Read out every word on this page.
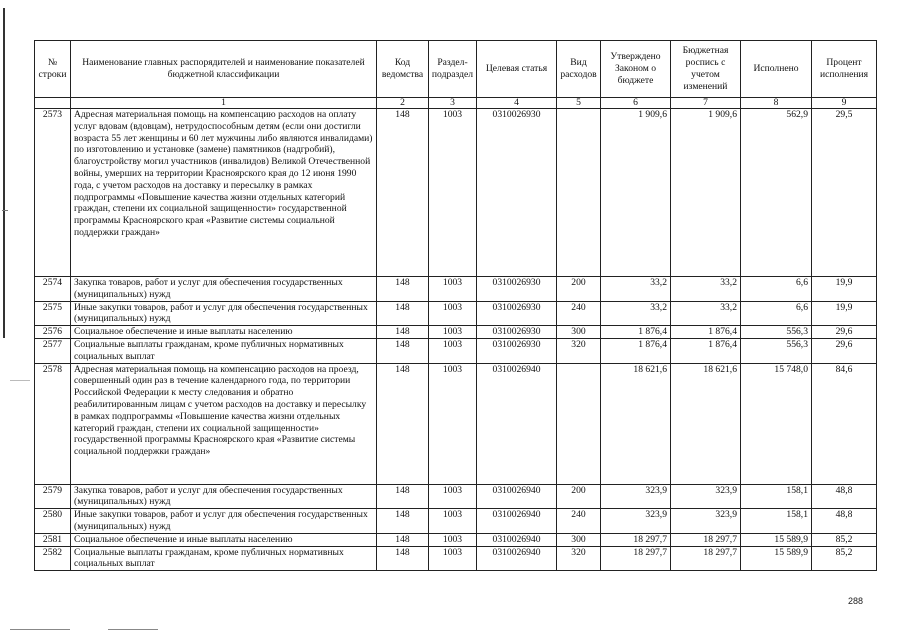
№ строки	Наименование главных распорядителей и наименование показателей бюджетной классификации	Код ведомства	Раздел-подраздел	Целевая статья	Вид расходов	Утверждено Законом о бюджете	Бюджетная роспись с учетом изменений	Исполнено	Процент исполнения
	1	2	3	4	5	6	7	8	9
2573	Адресная материальная помощь на компенсацию расходов на оплату услуг вдовам (вдовцам), нетрудоспособным детям (если они достигли возраста 55 лет женщины и 60 лет мужчины либо являются инвалидами) по изготовлению и установке (замене) памятников (надгробий), благоустройству могил участников (инвалидов) Великой Отечественной войны, умерших на территории Красноярского края до 12 июня 1990 года, с учетом расходов на доставку и пересылку в рамках подпрограммы «Повышение качества жизни отдельных категорий граждан, степени их социальной защищенности» государственной программы Красноярского края «Развитие системы социальной поддержки граждан»	148	1003	0310026930		1 909,6	1 909,6	562,9	29,5
2574	Закупка товаров, работ и услуг для обеспечения государственных (муниципальных) нужд	148	1003	0310026930	200	33,2	33,2	6,6	19,9
2575	Иные закупки товаров, работ и услуг для обеспечения государственных (муниципальных) нужд	148	1003	0310026930	240	33,2	33,2	6,6	19,9
2576	Социальное обеспечение и иные выплаты населению	148	1003	0310026930	300	1 876,4	1 876,4	556,3	29,6
2577	Социальные выплаты гражданам, кроме публичных нормативных социальных выплат	148	1003	0310026930	320	1 876,4	1 876,4	556,3	29,6
2578	Адресная материальная помощь на компенсацию расходов на проезд, совершенный один раз в течение календарного года, по территории Российской Федерации к месту следования и обратно реабилитированным лицам с учетом расходов на доставку и пересылку в рамках подпрограммы «Повышение качества жизни отдельных категорий граждан, степени их социальной защищенности» государственной программы Красноярского края «Развитие системы социальной поддержки граждан»	148	1003	0310026940		18 621,6	18 621,6	15 748,0	84,6
2579	Закупка товаров, работ и услуг для обеспечения государственных (муниципальных) нужд	148	1003	0310026940	200	323,9	323,9	158,1	48,8
2580	Иные закупки товаров, работ и услуг для обеспечения государственных (муниципальных) нужд	148	1003	0310026940	240	323,9	323,9	158,1	48,8
2581	Социальное обеспечение и иные выплаты населению	148	1003	0310026940	300	18 297,7	18 297,7	15 589,9	85,2
2582	Социальные выплаты гражданам, кроме публичных нормативных социальных выплат	148	1003	0310026940	320	18 297,7	18 297,7	15 589,9	85,2
288
